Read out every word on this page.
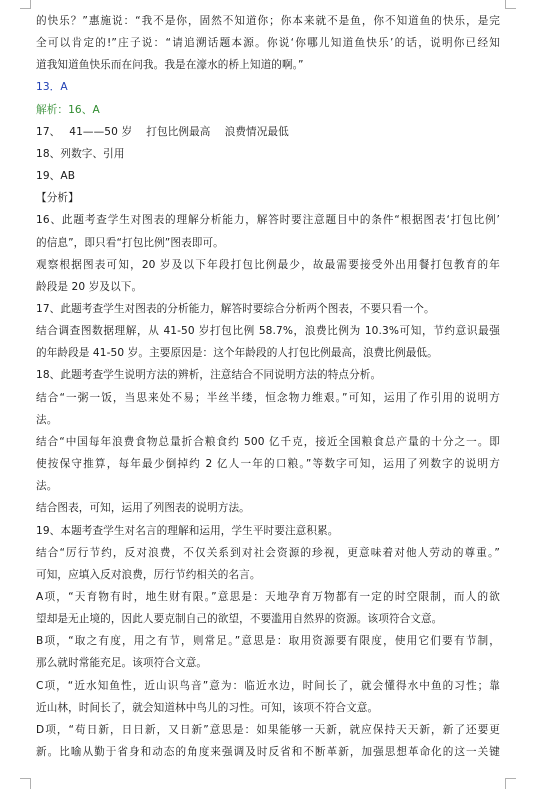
的快乐？”惠施说：“我不是你，固然不知道你；你本来就不是鱼，你不知道鱼的快乐，是完
全可以肯定的!”庄子说：“请追溯话题本源。你说‘你哪儿知道鱼快乐’的话，说明你已经知
道我知道鱼快乐而在问我。我是在濠水的桥上知道的啊。”
13．A
解析：16、A
17、　 41——50 岁　 打包比例最高　 浪费情况最低
18、列数字、引用
19、AB
【分析】
16、此题考查学生对图表的理解分析能力，解答时要注意题目中的条件“根据图表‘打包比例’
的信息”，即只看“打包比例”图表即可。
观察根据图表可知，20 岁及以下年段打包比例最少，故最需要接受外出用餐打包教育的年
龄段是 20 岁及以下。
17、此题考查学生对图表的分析能力，解答时要综合分析两个图表，不要只看一个。
结合调查图数据理解，从 41-50 岁打包比例 58.7%，浪费比例为 10.3%可知，节约意识最强
的年龄段是 41-50 岁。主要原因是：这个年龄段的人打包比例最高，浪费比例最低。
18、此题考查学生说明方法的辨析，注意结合不同说明方法的特点分析。
结合“一粥一饭，当思来处不易；半丝半缕，恒念物力维艰。”可知，运用了作引用的说明方
法。
结合“中国每年浪费食物总量折合粮食约 500 亿千克，接近全国粮食总产量的十分之一。即
使按保守推算，每年最少倒掉约 2 亿人一年的口粮。”等数字可知，运用了列数字的说明方
法。
结合图表，可知，运用了列图表的说明方法。
19、本题考查学生对名言的理解和运用，学生平时要注意积累。
结合“厉行节约，反对浪费，不仅关系到对社会资源的珍视，更意味着对他人劳动的尊重。”
可知，应填入反对浪费，厉行节约相关的名言。
A项，“天育物有时，地生财有限。”意思是：天地孕育万物都有一定的时空限制，而人的欲
望却是无止境的，因此人要克制自己的欲望，不要滥用自然界的资源。该项符合文意。
B项，“取之有度，用之有节，则常足。”意思是：取用资源要有限度，使用它们要有节制，
那么就时常能充足。该项符合文意。
C项，“近水知鱼性，近山识鸟音”意为：临近水边，时间长了，就会懂得水中鱼的习性；靠
近山林，时间长了，就会知道林中鸟儿的习性。可知，该项不符合文意。
D项，“苟日新，日日新，又日新”意思是：如果能够一天新，就应保持天天新，新了还要更
新。比喻从勤于省身和动态的角度来强调及时反省和不断革新，加强思想革命化的这一关键
